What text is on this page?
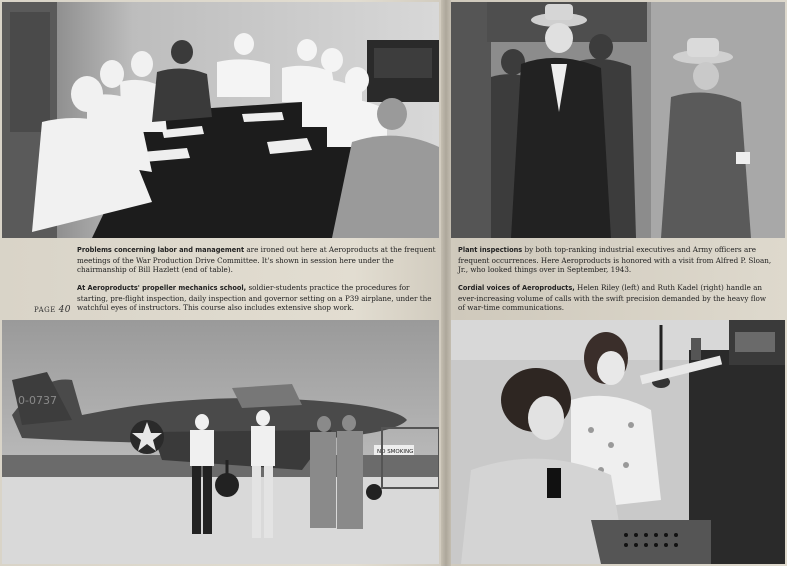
Problems concerning labor and management are ironed out here at Aeroproducts at the frequent meetings of the War Production Drive Committee. It's shown in session here under the chairmanship of Bill Hazlett (end of table).
At Aeroproducts' propeller mechanics school, soldier-students practice the procedures for starting, pre-flight inspection, daily inspection and governor setting on a P39 airplane, under the watchful eyes of instructors. This course also includes extensive shop work.
Plant inspections by both top-ranking industrial executives and Army officers are frequent occurrences. Here Aeroproducts is honored with a visit from Alfred P. Sloan, Jr., who looked things over in September, 1943.
Cordial voices of Aeroproducts, Helen Riley (left) and Ruth Kadel (right) handle an ever-increasing volume of calls with the swift precision demanded by the heavy flow of war-time communications.
PAGE 40
0-0737
NO SMOKING
